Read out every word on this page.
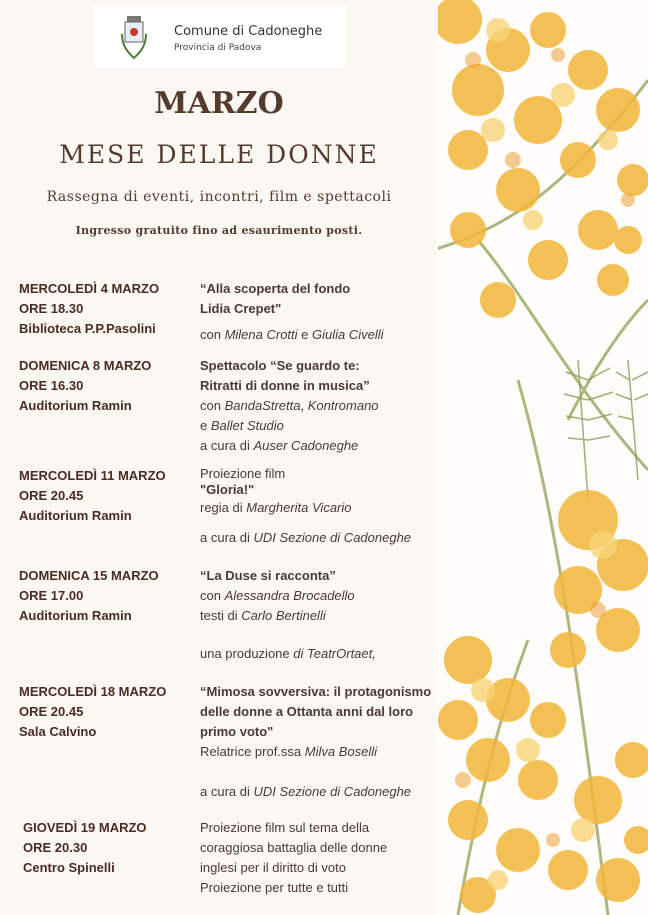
Comune di Cadoneghe
Provincia di Padova
MARZO
MESE DELLE DONNE
Rassegna di eventi, incontri, film e spettacoli
Ingresso gratuito fino ad esaurimento posti.
MERCOLEDÌ 4 MARZO
ORE 18.30
Biblioteca P.P.Pasolini
“Alla scoperta del fondo
Lidia Crepet"
con Milena Crotti e Giulia Civelli
DOMENICA 8 MARZO
ORE 16.30
Auditorium Ramin
Spettacolo “Se guardo te:
Ritratti di donne in musica”
con BandaStretta, Kontromano
e Ballet Studio
a cura di Auser Cadoneghe
MERCOLEDÌ 11 MARZO
ORE 20.45
Auditorium Ramin
Proiezione film
"Gloria!"
regia di Margherita Vicario
a cura di UDI Sezione di Cadoneghe
DOMENICA 15 MARZO
ORE 17.00
Auditorium Ramin
“La Duse si racconta”
con Alessandra Brocadello
testi di Carlo Bertinelli
una produzione di TeatrOrtaet,
MERCOLEDÌ 18 MARZO
ORE 20.45
Sala Calvino
“Mimosa sovversiva: il protagonismo
delle donne a Ottanta anni dal loro
primo voto"
Relatrice prof.ssa Milva Boselli
a cura di UDI Sezione di Cadoneghe
GIOVEDÌ 19 MARZO
ORE 20.30
Centro Spinelli
Proiezione film sul tema della
coraggiosa battaglia delle donne
inglesi per il diritto di voto
Proiezione per tutte e tutti
